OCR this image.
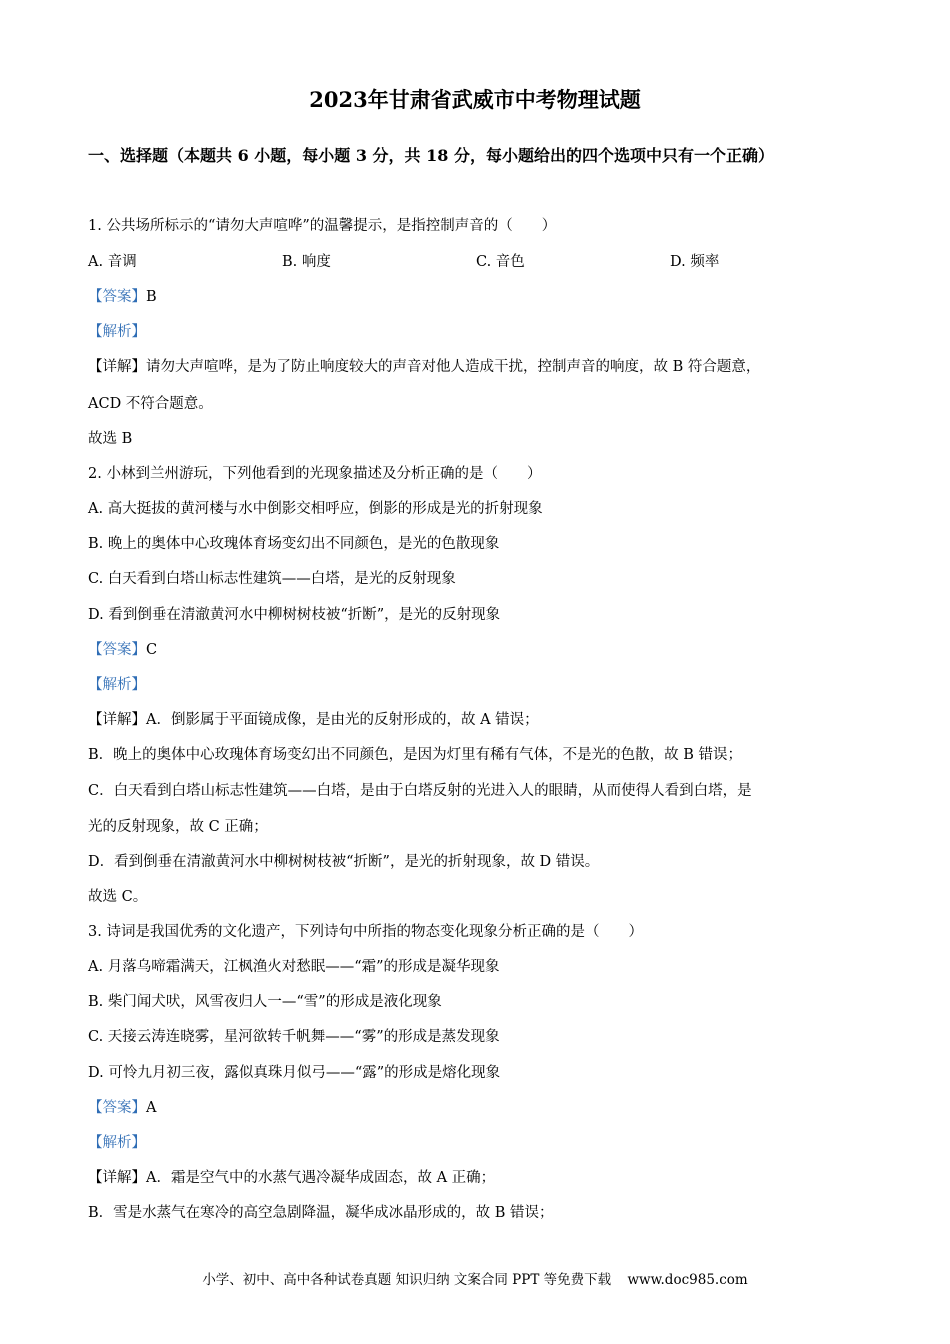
2023年甘肃省武威市中考物理试题
一、选择题（本题共 6 小题，每小题 3 分，共 18 分，每小题给出的四个选项中只有一个正确）
1. 公共场所标示的“请勿大声喧哗”的温馨提示，是指控制声音的（　　）
A. 音调	B. 响度	C. 音色	D. 频率
【答案】B
【解析】
【详解】请勿大声喧哗，是为了防止响度较大的声音对他人造成干扰，控制声音的响度，故 B 符合题意，
ACD 不符合题意。
故选 B
2. 小林到兰州游玩，下列他看到的光现象描述及分析正确的是（　　）
A. 高大挺拔的黄河楼与水中倒影交相呼应，倒影的形成是光的折射现象
B. 晚上的奥体中心玫瑰体育场变幻出不同颜色，是光的色散现象
C. 白天看到白塔山标志性建筑——白塔，是光的反射现象
D. 看到倒垂在清澈黄河水中柳树树枝被“折断”，是光的反射现象
【答案】C
【解析】
【详解】A．倒影属于平面镜成像，是由光的反射形成的，故 A 错误；
B．晚上的奥体中心玫瑰体育场变幻出不同颜色，是因为灯里有稀有气体，不是光的色散，故 B 错误；
C．白天看到白塔山标志性建筑——白塔，是由于白塔反射的光进入人的眼睛，从而使得人看到白塔，是
光的反射现象，故 C 正确；
D．看到倒垂在清澈黄河水中柳树树枝被“折断”，是光的折射现象，故 D 错误。
故选 C。
3. 诗词是我国优秀的文化遗产，下列诗句中所指的物态变化现象分析正确的是（　　）
A. 月落乌啼霜满天，江枫渔火对愁眠——“霜”的形成是凝华现象
B. 柴门闻犬吠，风雪夜归人一—“雪”的形成是液化现象
C. 天接云涛连晓雾，星河欲转千帆舞——“雾”的形成是蒸发现象
D. 可怜九月初三夜，露似真珠月似弓——“露”的形成是熔化现象
【答案】A
【解析】
【详解】A．霜是空气中的水蒸气遇冷凝华成固态，故 A 正确；
B．雪是水蒸气在寒冷的高空急剧降温，凝华成冰晶形成的，故 B 错误；
小学、初中、高中各种试卷真题 知识归纳 文案合同 PPT 等免费下载 www.doc985.com
